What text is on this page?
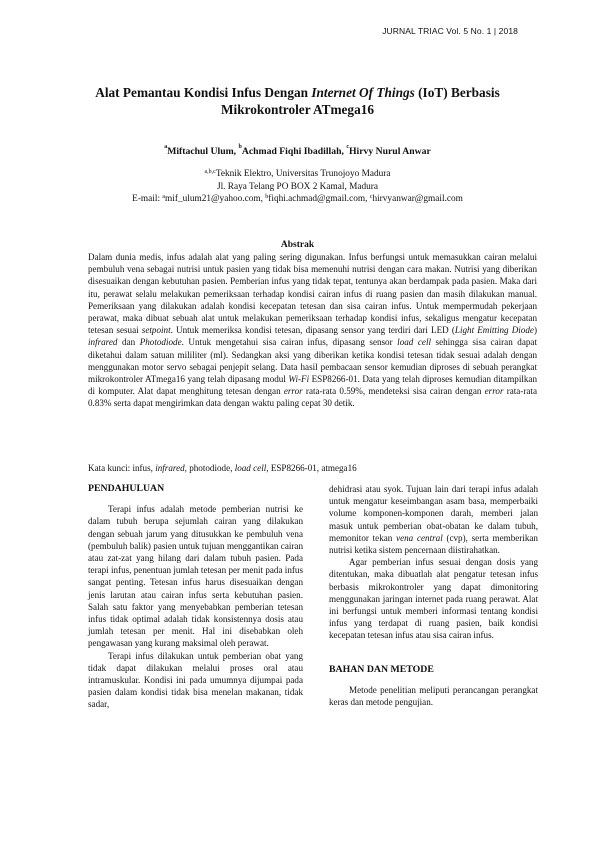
JURNAL TRIAC Vol. 5 No. 1 | 2018
Alat Pemantau Kondisi Infus Dengan Internet Of Things (IoT) Berbasis
Mikrokontroler ATmega16
$^a$Miftachul Ulum, $^b$Achmad Fiqhi Ibadillah, $^c$Hirvy Nurul Anwar
$^{a,b,c}$Teknik Elektro, Universitas Trunojoyo Madura
Jl. Raya Telang PO BOX 2 Kamal, Madura
E-mail: $^a$mif_ulum21@yahoo.com, $^b$fiqhi.achmad@gmail.com, $^c$hirvyanwar@gmail.com
Abstrak
Dalam dunia medis, infus adalah alat yang paling sering digunakan. Infus berfungsi untuk memasukkan cairan melalui pembuluh vena sebagai nutrisi untuk pasien yang tidak bisa memenuhi nutrisi dengan cara makan. Nutrisi yang diberikan disesuaikan dengan kebutuhan pasien. Pemberian infus yang tidak tepat, tentunya akan berdampak pada pasien. Maka dari itu, perawat selalu melakukan pemeriksaan terhadap kondisi cairan infus di ruang pasien dan masih dilakukan manual. Pemeriksaan yang dilakukan adalah kondisi kecepatan tetesan dan sisa cairan infus. Untuk mempermudah pekerjaan perawat, maka dibuat sebuah alat untuk melakukan pemeriksaan terhadap kondisi infus, sekaligus mengatur kecepatan tetesan sesuai setpoint. Untuk memeriksa kondisi tetesan, dipasang sensor yang terdiri dari LED (Light Emitting Diode) infrared dan Photodiode. Untuk mengetahui sisa cairan infus, dipasang sensor load cell sehingga sisa cairan dapat diketahui dalam satuan mililiter (ml). Sedangkan aksi yang diberikan ketika kondisi tetesan tidak sesuai adalah dengan menggunakan motor servo sebagai penjepit selang. Data hasil pembacaan sensor kemudian diproses di sebuah perangkat mikrokontroler ATmega16 yang telah dipasang modul Wi-Fi ESP8266-01. Data yang telah diproses kemudian ditampilkan di komputer. Alat dapat menghitung tetesan dengan error rata-rata 0.59%, mendeteksi sisa cairan dengan error rata-rata 0.83% serta dapat mengirimkan data dengan waktu paling cepat 30 detik.
Kata kunci: infus, infrared, photodiode, load cell, ESP8266-01, atmega16
PENDAHULUAN

Terapi infus adalah metode pemberian nutrisi ke dalam tubuh berupa sejumlah cairan yang dilakukan dengan sebuah jarum yang ditusukkan ke pembuluh vena (pembuluh balik) pasien untuk tujuan menggantikan cairan atau zat-zat yang hilang dari dalam tubuh pasien. Pada terapi infus, penentuan jumlah tetesan per menit pada infus sangat penting. Tetesan infus harus disesuaikan dengan jenis larutan atau cairan infus serta kebutuhan pasien. Salah satu faktor yang menyebabkan pemberian tetesan infus tidak optimal adalah tidak konsistennya dosis atau jumlah tetesan per menit. Hal ini disebabkan oleh pengawasan yang kurang maksimal oleh perawat.

Terapi infus dilakukan untuk pemberian obat yang tidak dapat dilakukan melalui proses oral atau intramuskular. Kondisi ini pada umumnya dijumpai pada pasien dalam kondisi tidak bisa menelan makanan, tidak sadar,

dehidrasi atau syok. Tujuan lain dari terapi infus adalah untuk mengatur keseimbangan asam basa, memperbaiki volume komponen-komponen darah, memberi jalan masuk untuk pemberian obat-obatan ke dalam tubuh, memonitor tekan vena central (cvp), serta memberikan nutrisi ketika sistem pencernaan diistirahatkan.

Agar pemberian infus sesuai dengan dosis yang ditentukan, maka dibuatlah alat pengatur tetesan infus berbasis mikrokontroler yang dapat dimonitoring menggunakan jaringan internet pada ruang perawat. Alat ini berfungsi untuk memberi informasi tentang kondisi infus yang terdapat di ruang pasien, baik kondisi kecepatan tetesan infus atau sisa cairan infus.

BAHAN DAN METODE

Metode penelitian meliputi perancangan perangkat keras dan metode pengujian.
